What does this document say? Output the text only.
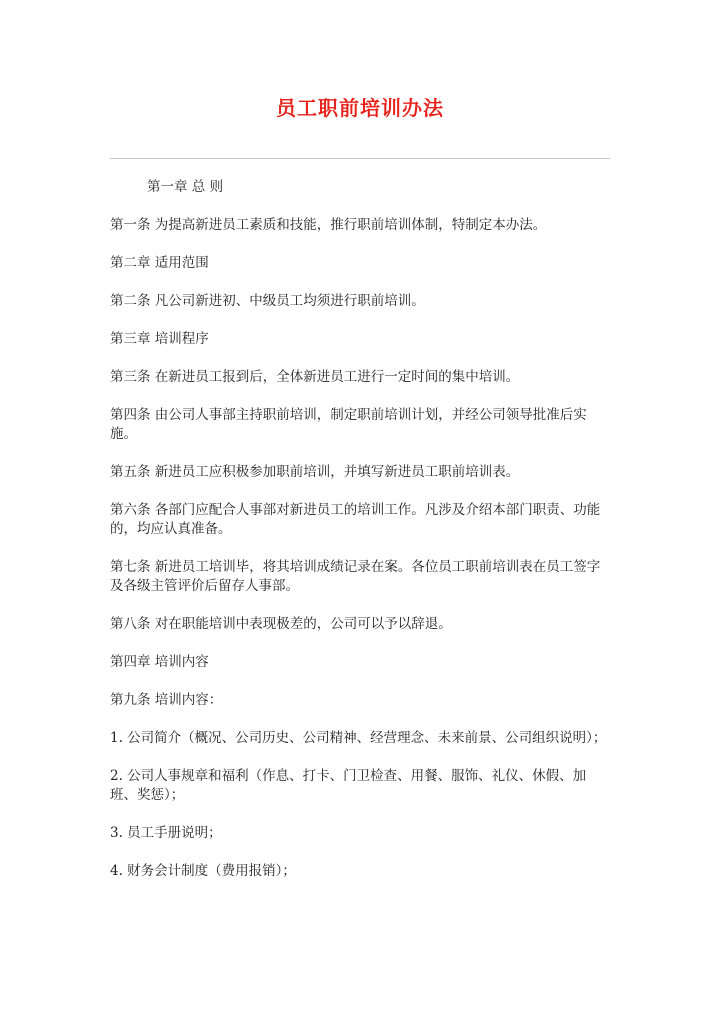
员工职前培训办法

第一章 总 则

第一条 为提高新进员工素质和技能，推行职前培训体制，特制定本办法。

第二章 适用范围

第二条 凡公司新进初、中级员工均须进行职前培训。

第三章 培训程序

第三条 在新进员工报到后，全体新进员工进行一定时间的集中培训。

第四条 由公司人事部主持职前培训，制定职前培训计划，并经公司领导批准后实施。

第五条 新进员工应积极参加职前培训，并填写新进员工职前培训表。

第六条 各部门应配合人事部对新进员工的培训工作。凡涉及介绍本部门职责、功能的，均应认真准备。

第七条 新进员工培训毕，将其培训成绩记录在案。各位员工职前培训表在员工签字及各级主管评价后留存人事部。

第八条 对在职能培训中表现极差的，公司可以予以辞退。

第四章 培训内容

第九条 培训内容：

1. 公司简介（概况、公司历史、公司精神、经营理念、未来前景、公司组织说明）；

2. 公司人事规章和福利（作息、打卡、门卫检查、用餐、服饰、礼仪、休假、加班、奖惩）；

3. 员工手册说明；

4. 财务会计制度（费用报销）；
